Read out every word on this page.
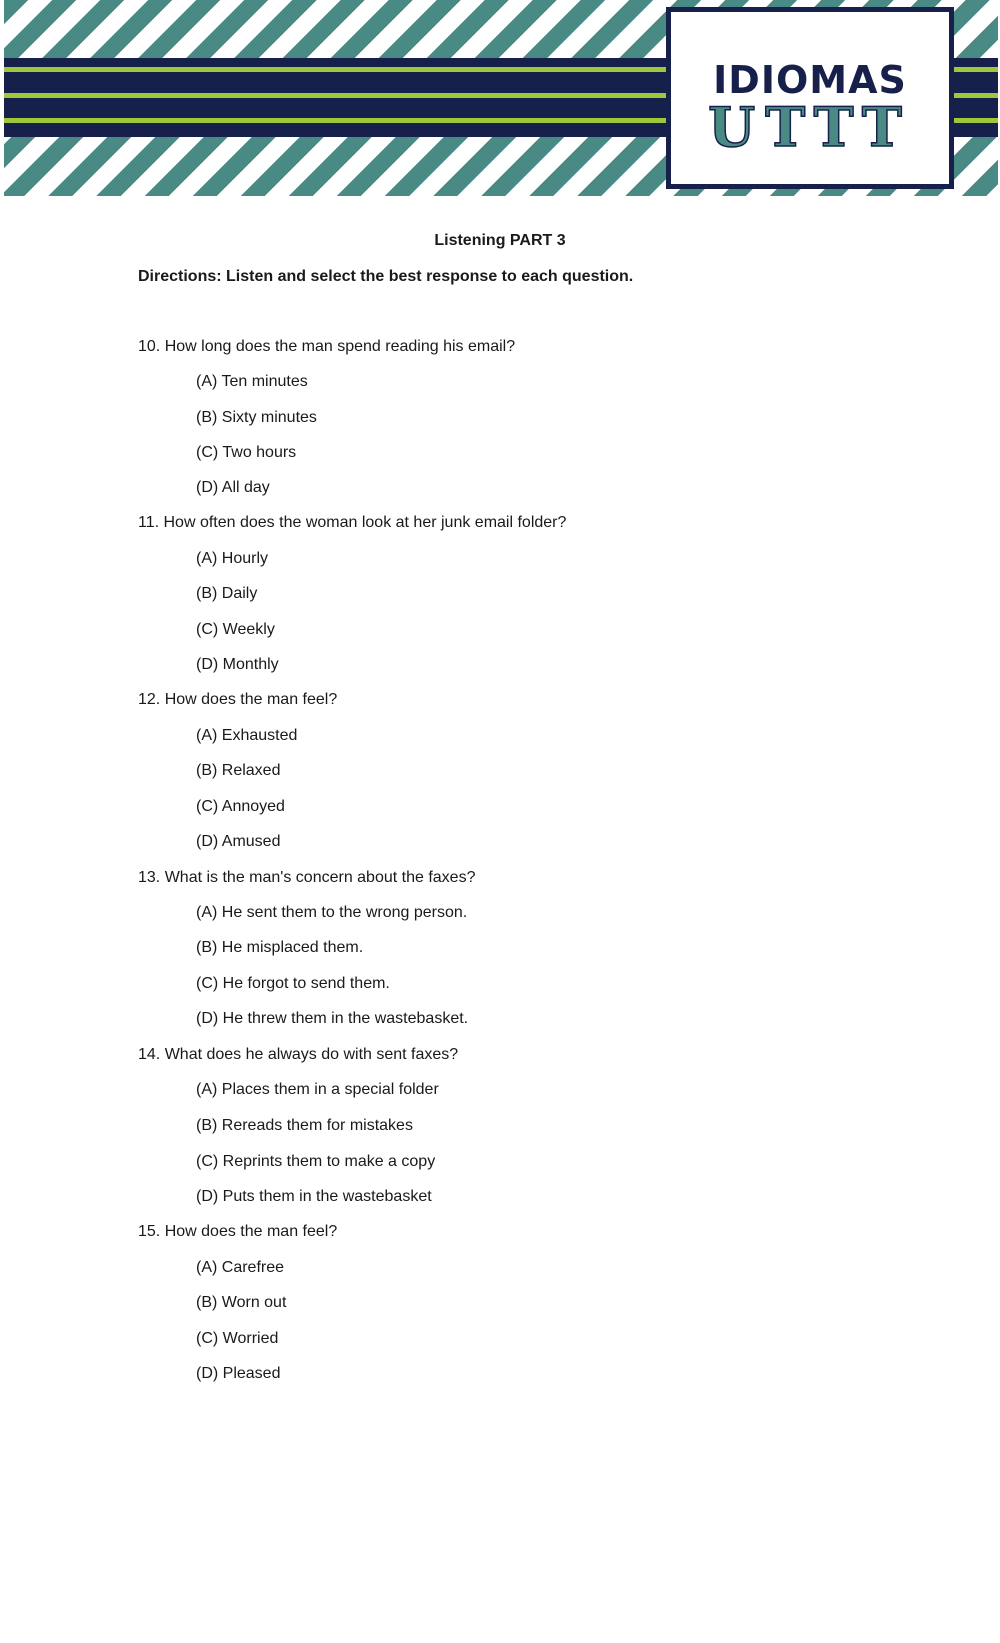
IDIOMAS
UTTT
Listening PART 3
Directions: Listen and select the best response to each question.
10. How long does the man spend reading his email?
(A) Ten minutes
(B) Sixty minutes
(C) Two hours
(D) All day
11. How often does the woman look at her junk email folder?
(A) Hourly
(B) Daily
(C) Weekly
(D) Monthly
12. How does the man feel?
(A) Exhausted
(B) Relaxed
(C) Annoyed
(D) Amused
13. What is the man's concern about the faxes?
(A) He sent them to the wrong person.
(B) He misplaced them.
(C) He forgot to send them.
(D) He threw them in the wastebasket.
14. What does he always do with sent faxes?
(A) Places them in a special folder
(B) Rereads them for mistakes
(C) Reprints them to make a copy
(D) Puts them in the wastebasket
15. How does the man feel?
(A) Carefree
(B) Worn out
(C) Worried
(D) Pleased
